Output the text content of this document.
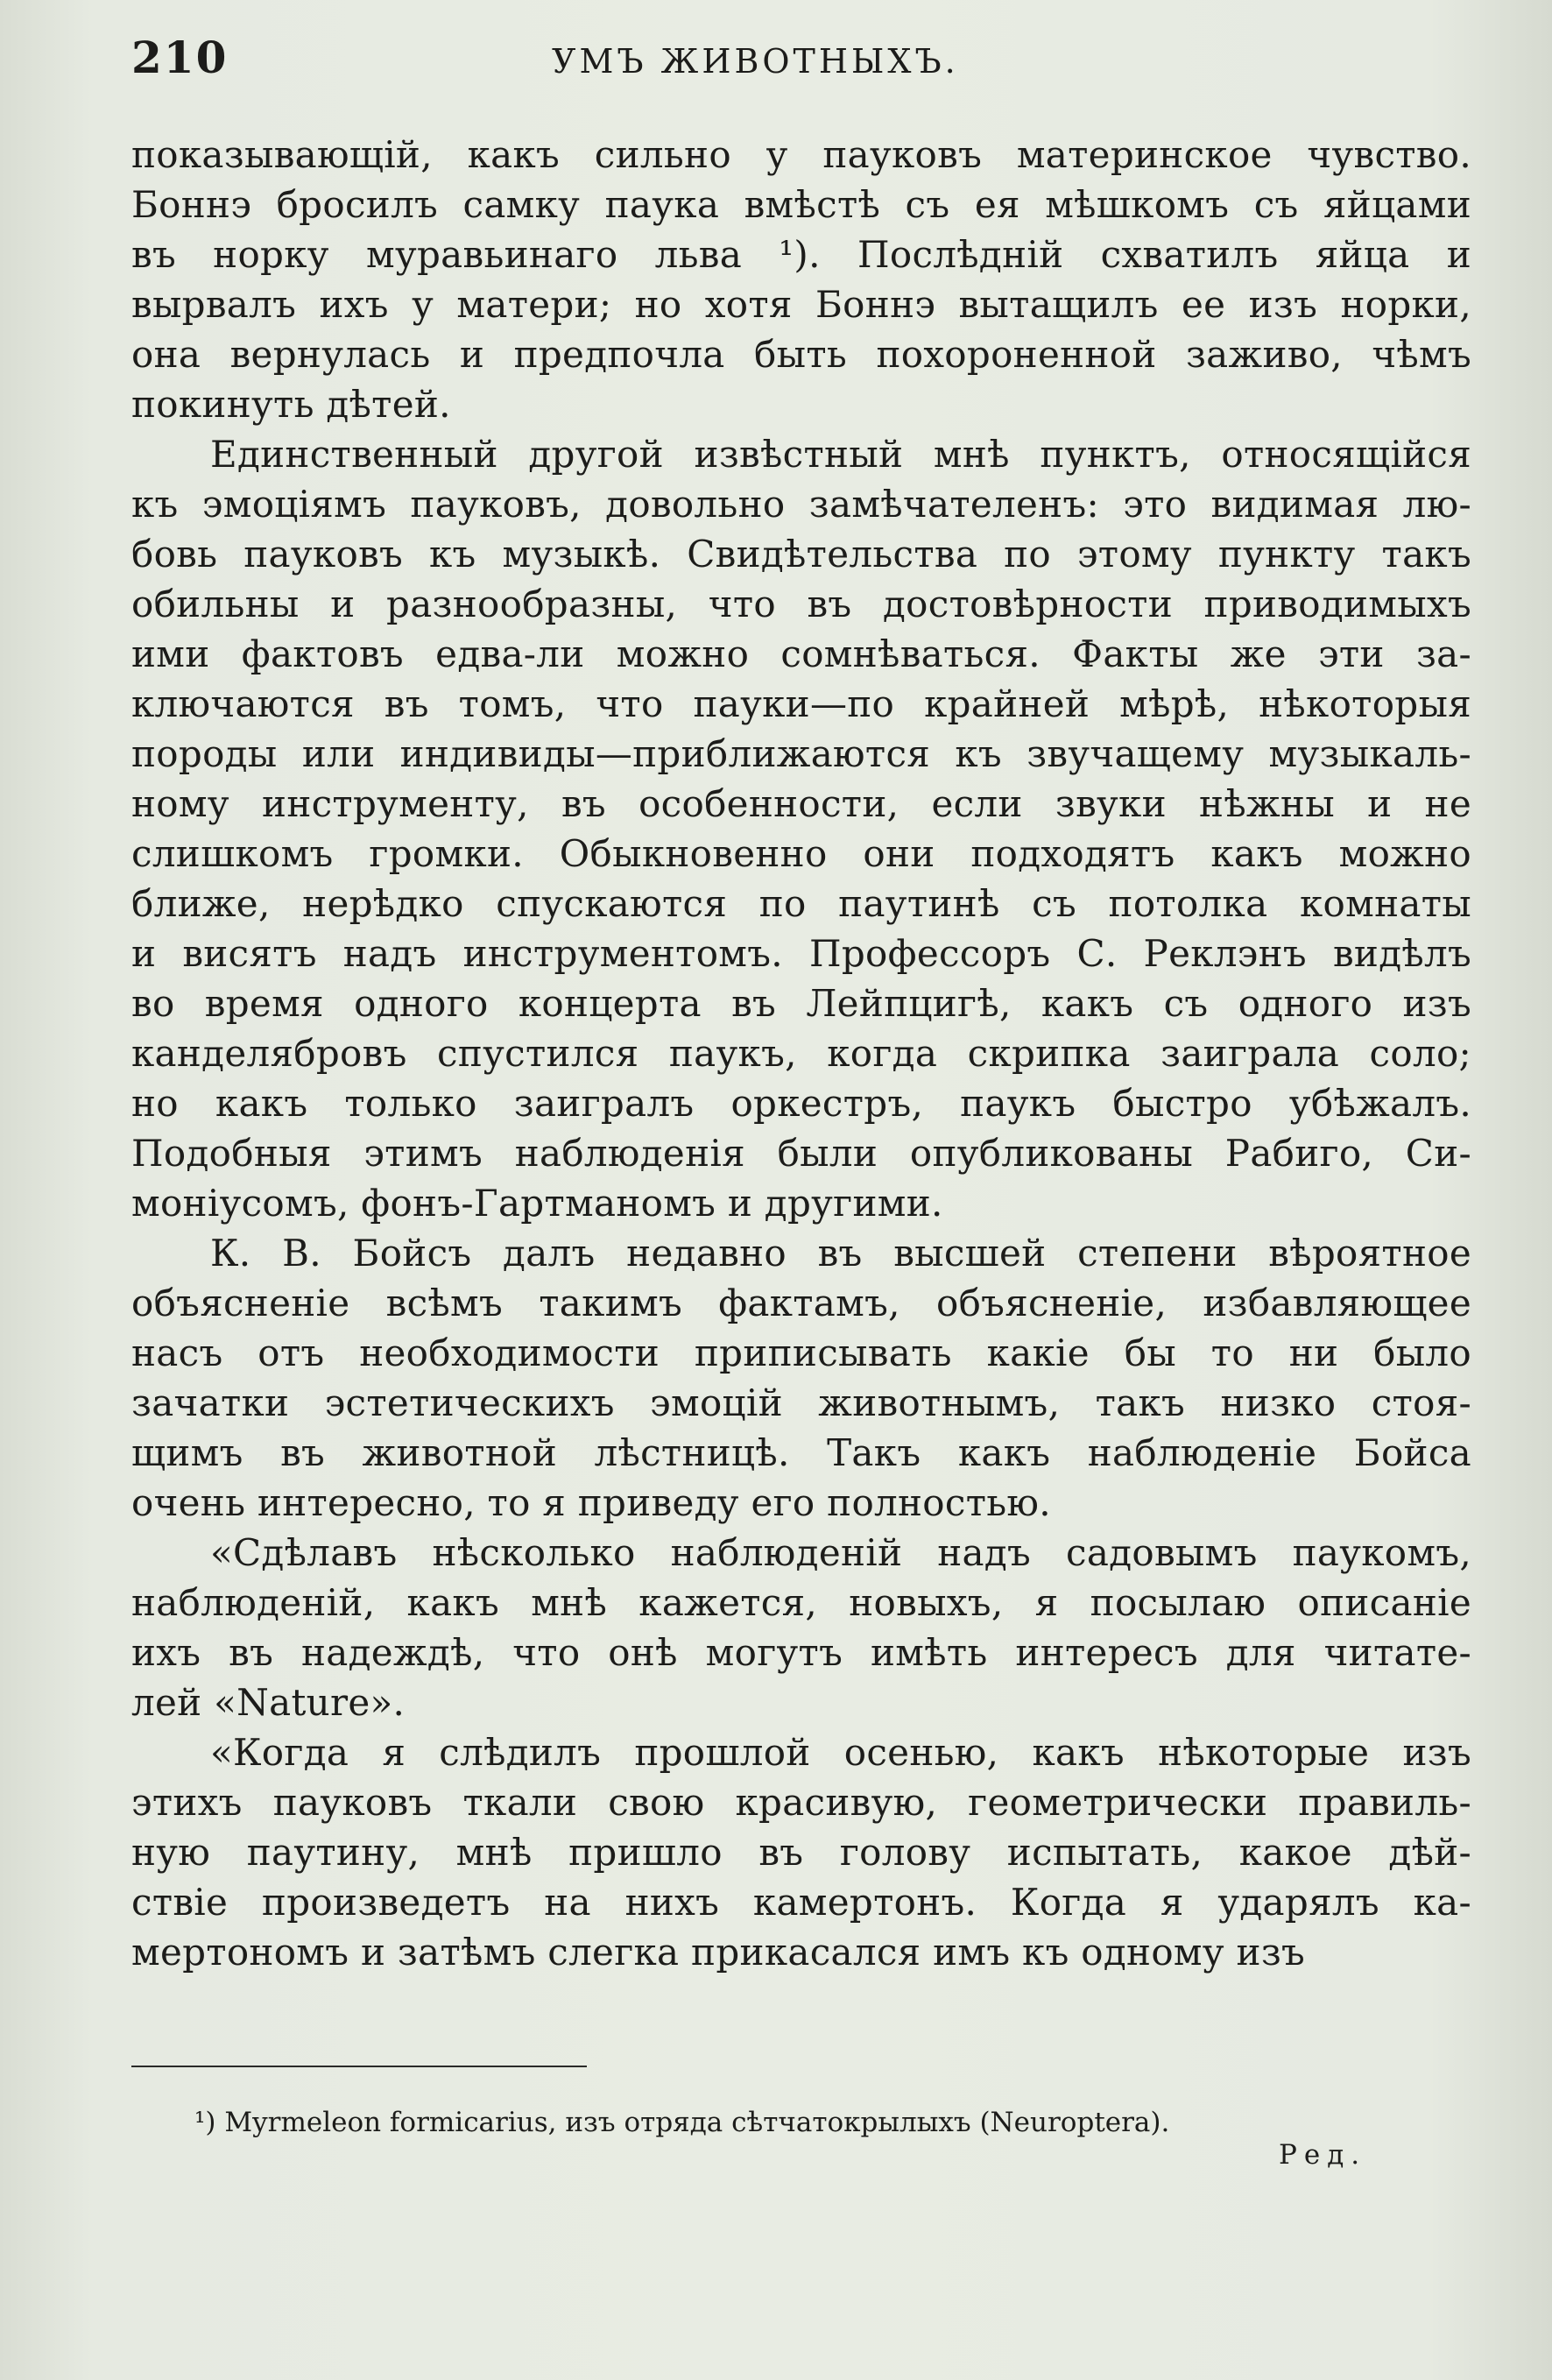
210	УМЪ ЖИВОТНЫХЪ.
показывающій, какъ сильно у пауковъ материнское чувство.
Боннэ бросилъ самку паука вмѣстѣ съ ея мѣшкомъ съ яйцами
въ норку муравьинаго льва ¹). Послѣдній схватилъ яйца и
вырвалъ ихъ у матери; но хотя Боннэ вытащилъ ее изъ норки,
она вернулась и предпочла быть похороненной заживо, чѣмъ
покинуть дѣтей.
Единственный другой извѣстный мнѣ пунктъ, относящійся
къ эмоціямъ пауковъ, довольно замѣчателенъ: это видимая лю-
бовь пауковъ къ музыкѣ. Свидѣтельства по этому пункту такъ
обильны и разнообразны, что въ достовѣрности приводимыхъ
ими фактовъ едва-ли можно сомнѣваться. Факты же эти за-
ключаются въ томъ, что пауки—по крайней мѣрѣ, нѣкоторыя
породы или индивиды—приближаются къ звучащему музыкаль-
ному инструменту, въ особенности, если звуки нѣжны и не
слишкомъ громки. Обыкновенно они подходятъ какъ можно
ближе, нерѣдко спускаются по паутинѣ съ потолка комнаты
и висятъ надъ инструментомъ. Профессоръ С. Реклэнъ видѣлъ
во время одного концерта въ Лейпцигѣ, какъ съ одного изъ
канделябровъ спустился паукъ, когда скрипка заиграла соло;
но какъ только заигралъ оркестръ, паукъ быстро убѣжалъ.
Подобныя этимъ наблюденія были опубликованы Рабиго, Си-
моніусомъ, фонъ-Гартманомъ и другими.
К. В. Бойсъ далъ недавно въ высшей степени вѣроятное
объясненіе всѣмъ такимъ фактамъ, объясненіе, избавляющее
насъ отъ необходимости приписывать какіе бы то ни было
зачатки эстетическихъ эмоцій животнымъ, такъ низко стоя-
щимъ въ животной лѣстницѣ. Такъ какъ наблюденіе Бойса
очень интересно, то я приведу его полностью.
«Сдѣлавъ нѣсколько наблюденій надъ садовымъ паукомъ,
наблюденій, какъ мнѣ кажется, новыхъ, я посылаю описаніе
ихъ въ надеждѣ, что онѣ могутъ имѣть интересъ для читате-
лей «Nature».
«Когда я слѣдилъ прошлой осенью, какъ нѣкоторые изъ
этихъ пауковъ ткали свою красивую, геометрически правиль-
ную паутину, мнѣ пришло въ голову испытать, какое дѣй-
ствіе произведетъ на нихъ камертонъ. Когда я ударялъ ка-
мертономъ и затѣмъ слегка прикасался имъ къ одному изъ
¹) Myrmeleon formicarius, изъ отряда сѣтчатокрылыхъ (Neuroptera).
Ред.
